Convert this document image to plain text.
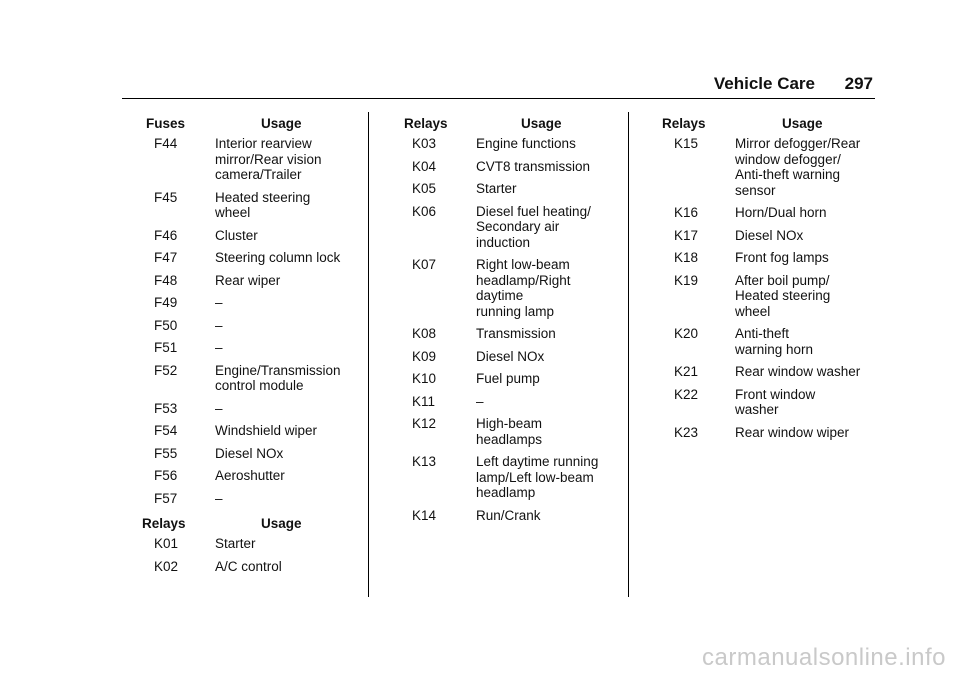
Vehicle Care 297
Fuses	Usage
F44	Interior rearview
mirror/Rear vision
camera/Trailer
F45	Heated steering
wheel
F46	Cluster
F47	Steering column lock
F48	Rear wiper
F49	–
F50	–
F51	–
F52	Engine/Transmission
control module
F53	–
F54	Windshield wiper
F55	Diesel NOx
F56	Aeroshutter
F57	–
Relays	Usage
K01	Starter
K02	A/C control
Relays	Usage
K03	Engine functions
K04	CVT8 transmission
K05	Starter
K06	Diesel fuel heating/
Secondary air
induction
K07	Right low-beam
headlamp/Right
daytime
running lamp
K08	Transmission
K09	Diesel NOx
K10	Fuel pump
K11	–
K12	High-beam
headlamps
K13	Left daytime running
lamp/Left low-beam
headlamp
K14	Run/Crank
Relays	Usage
K15	Mirror defogger/Rear
window defogger/
Anti-theft warning
sensor
K16	Horn/Dual horn
K17	Diesel NOx
K18	Front fog lamps
K19	After boil pump/
Heated steering
wheel
K20	Anti-theft
warning horn
K21	Rear window washer
K22	Front window
washer
K23	Rear window wiper
carmanualsonline.info
